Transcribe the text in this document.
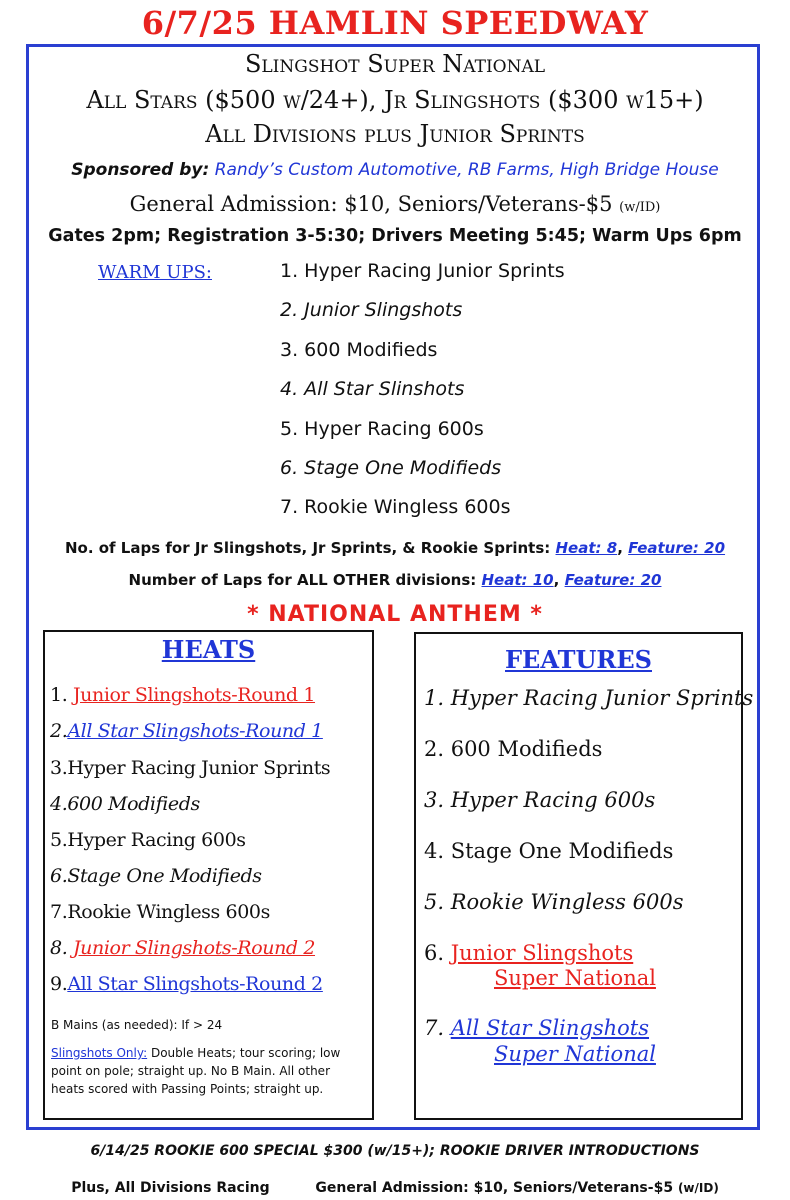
6/7/25 HAMLIN SPEEDWAY
Slingshot Super National
All Stars ($500 w/24+), Jr Slingshots ($300 w15+)
All Divisions plus Junior Sprints
Sponsored by: Randy’s Custom Automotive, RB Farms, High Bridge House
General Admission: $10, Seniors/Veterans-$5 (w/ID)
Gates 2pm; Registration 3-5:30; Drivers Meeting 5:45; Warm Ups 6pm
WARM UPS:	1. Hyper Racing Junior Sprints
2. Junior Slingshots
3. 600 Modifieds
4. All Star Slinshots
5. Hyper Racing 600s
6. Stage One Modifieds
7. Rookie Wingless 600s
No. of Laps for Jr Slingshots, Jr Sprints, & Rookie Sprints: Heat: 8, Feature: 20
Number of Laps for ALL OTHER divisions: Heat: 10, Feature: 20
* NATIONAL ANTHEM *
HEATS
1. Junior Slingshots-Round 1
2.All Star Slingshots-Round 1
3.Hyper Racing Junior Sprints
4.600 Modifieds
5.Hyper Racing 600s
6.Stage One Modifieds
7.Rookie Wingless 600s
8. Junior Slingshots-Round 2
9.All Star Slingshots-Round 2
B Mains (as needed): If > 24
Slingshots Only: Double Heats; tour scoring; low point on pole; straight up. No B Main. All other heats scored with Passing Points; straight up.
FEATURES
1. Hyper Racing Junior Sprints
2. 600 Modifieds
3. Hyper Racing 600s
4. Stage One Modifieds
5. Rookie Wingless 600s
6. Junior Slingshots
Super National
7. All Star Slingshots
Super National
6/14/25 ROOKIE 600 SPECIAL $300 (w/15+); ROOKIE DRIVER INTRODUCTIONS
Plus, All Divisions Racing	General Admission: $10, Seniors/Veterans-$5 (w/ID)
